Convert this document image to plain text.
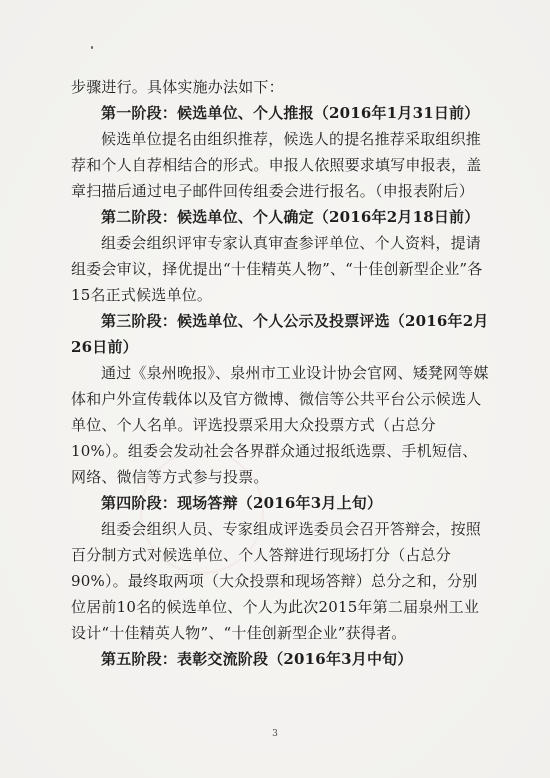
步骤进行。具体实施办法如下：

第一阶段：候选单位、个人推报（2016年1月31日前）

候选单位提名由组织推荐，候选人的提名推荐采取组织推荐和个人自荐相结合的形式。申报人依照要求填写申报表，盖章扫描后通过电子邮件回传组委会进行报名。（申报表附后）

第二阶段：候选单位、个人确定（2016年2月18日前）

组委会组织评审专家认真审查参评单位、个人资料，提请组委会审议，择优提出“十佳精英人物”、“十佳创新型企业”各15名正式候选单位。

第三阶段：候选单位、个人公示及投票评选（2016年2月26日前）

通过《泉州晚报》、泉州市工业设计协会官网、矮凳网等媒体和户外宣传载体以及官方微博、微信等公共平台公示候选人单位、个人名单。评选投票采用大众投票方式（占总分10%）。组委会发动社会各界群众通过报纸选票、手机短信、网络、微信等方式参与投票。

第四阶段：现场答辩（2016年3月上旬）

组委会组织人员、专家组成评选委员会召开答辩会，按照百分制方式对候选单位、个人答辩进行现场打分（占总分90%）。最终取两项（大众投票和现场答辩）总分之和，分别位居前10名的候选单位、个人为此次2015年第二届泉州工业设计“十佳精英人物”、“十佳创新型企业”获得者。

第五阶段：表彰交流阶段（2016年3月中旬）

3
